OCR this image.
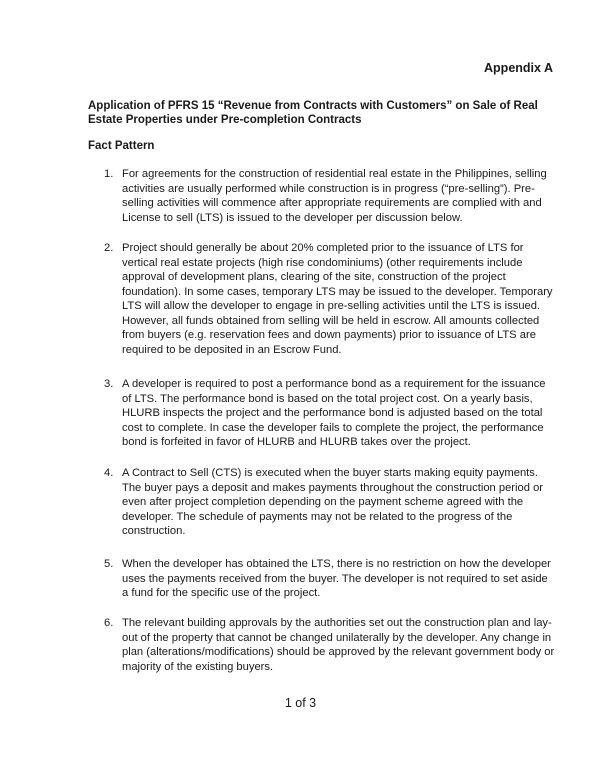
Appendix A
Application of PFRS 15 “Revenue from Contracts with Customers” on Sale of Real Estate Properties under Pre-completion Contracts
Fact Pattern
1. For agreements for the construction of residential real estate in the Philippines, selling activities are usually performed while construction is in progress (“pre-selling”). Pre-selling activities will commence after appropriate requirements are complied with and License to sell (LTS) is issued to the developer per discussion below.
2. Project should generally be about 20% completed prior to the issuance of LTS for vertical real estate projects (high rise condominiums) (other requirements include approval of development plans, clearing of the site, construction of the project foundation). In some cases, temporary LTS may be issued to the developer. Temporary LTS will allow the developer to engage in pre-selling activities until the LTS is issued. However, all funds obtained from selling will be held in escrow. All amounts collected from buyers (e.g. reservation fees and down payments) prior to issuance of LTS are required to be deposited in an Escrow Fund.
3. A developer is required to post a performance bond as a requirement for the issuance of LTS. The performance bond is based on the total project cost. On a yearly basis, HLURB inspects the project and the performance bond is adjusted based on the total cost to complete. In case the developer fails to complete the project, the performance bond is forfeited in favor of HLURB and HLURB takes over the project.
4. A Contract to Sell (CTS) is executed when the buyer starts making equity payments. The buyer pays a deposit and makes payments throughout the construction period or even after project completion depending on the payment scheme agreed with the developer. The schedule of payments may not be related to the progress of the construction.
5. When the developer has obtained the LTS, there is no restriction on how the developer uses the payments received from the buyer. The developer is not required to set aside a fund for the specific use of the project.
6. The relevant building approvals by the authorities set out the construction plan and lay-out of the property that cannot be changed unilaterally by the developer. Any change in plan (alterations/modifications) should be approved by the relevant government body or majority of the existing buyers.
1 of 3
